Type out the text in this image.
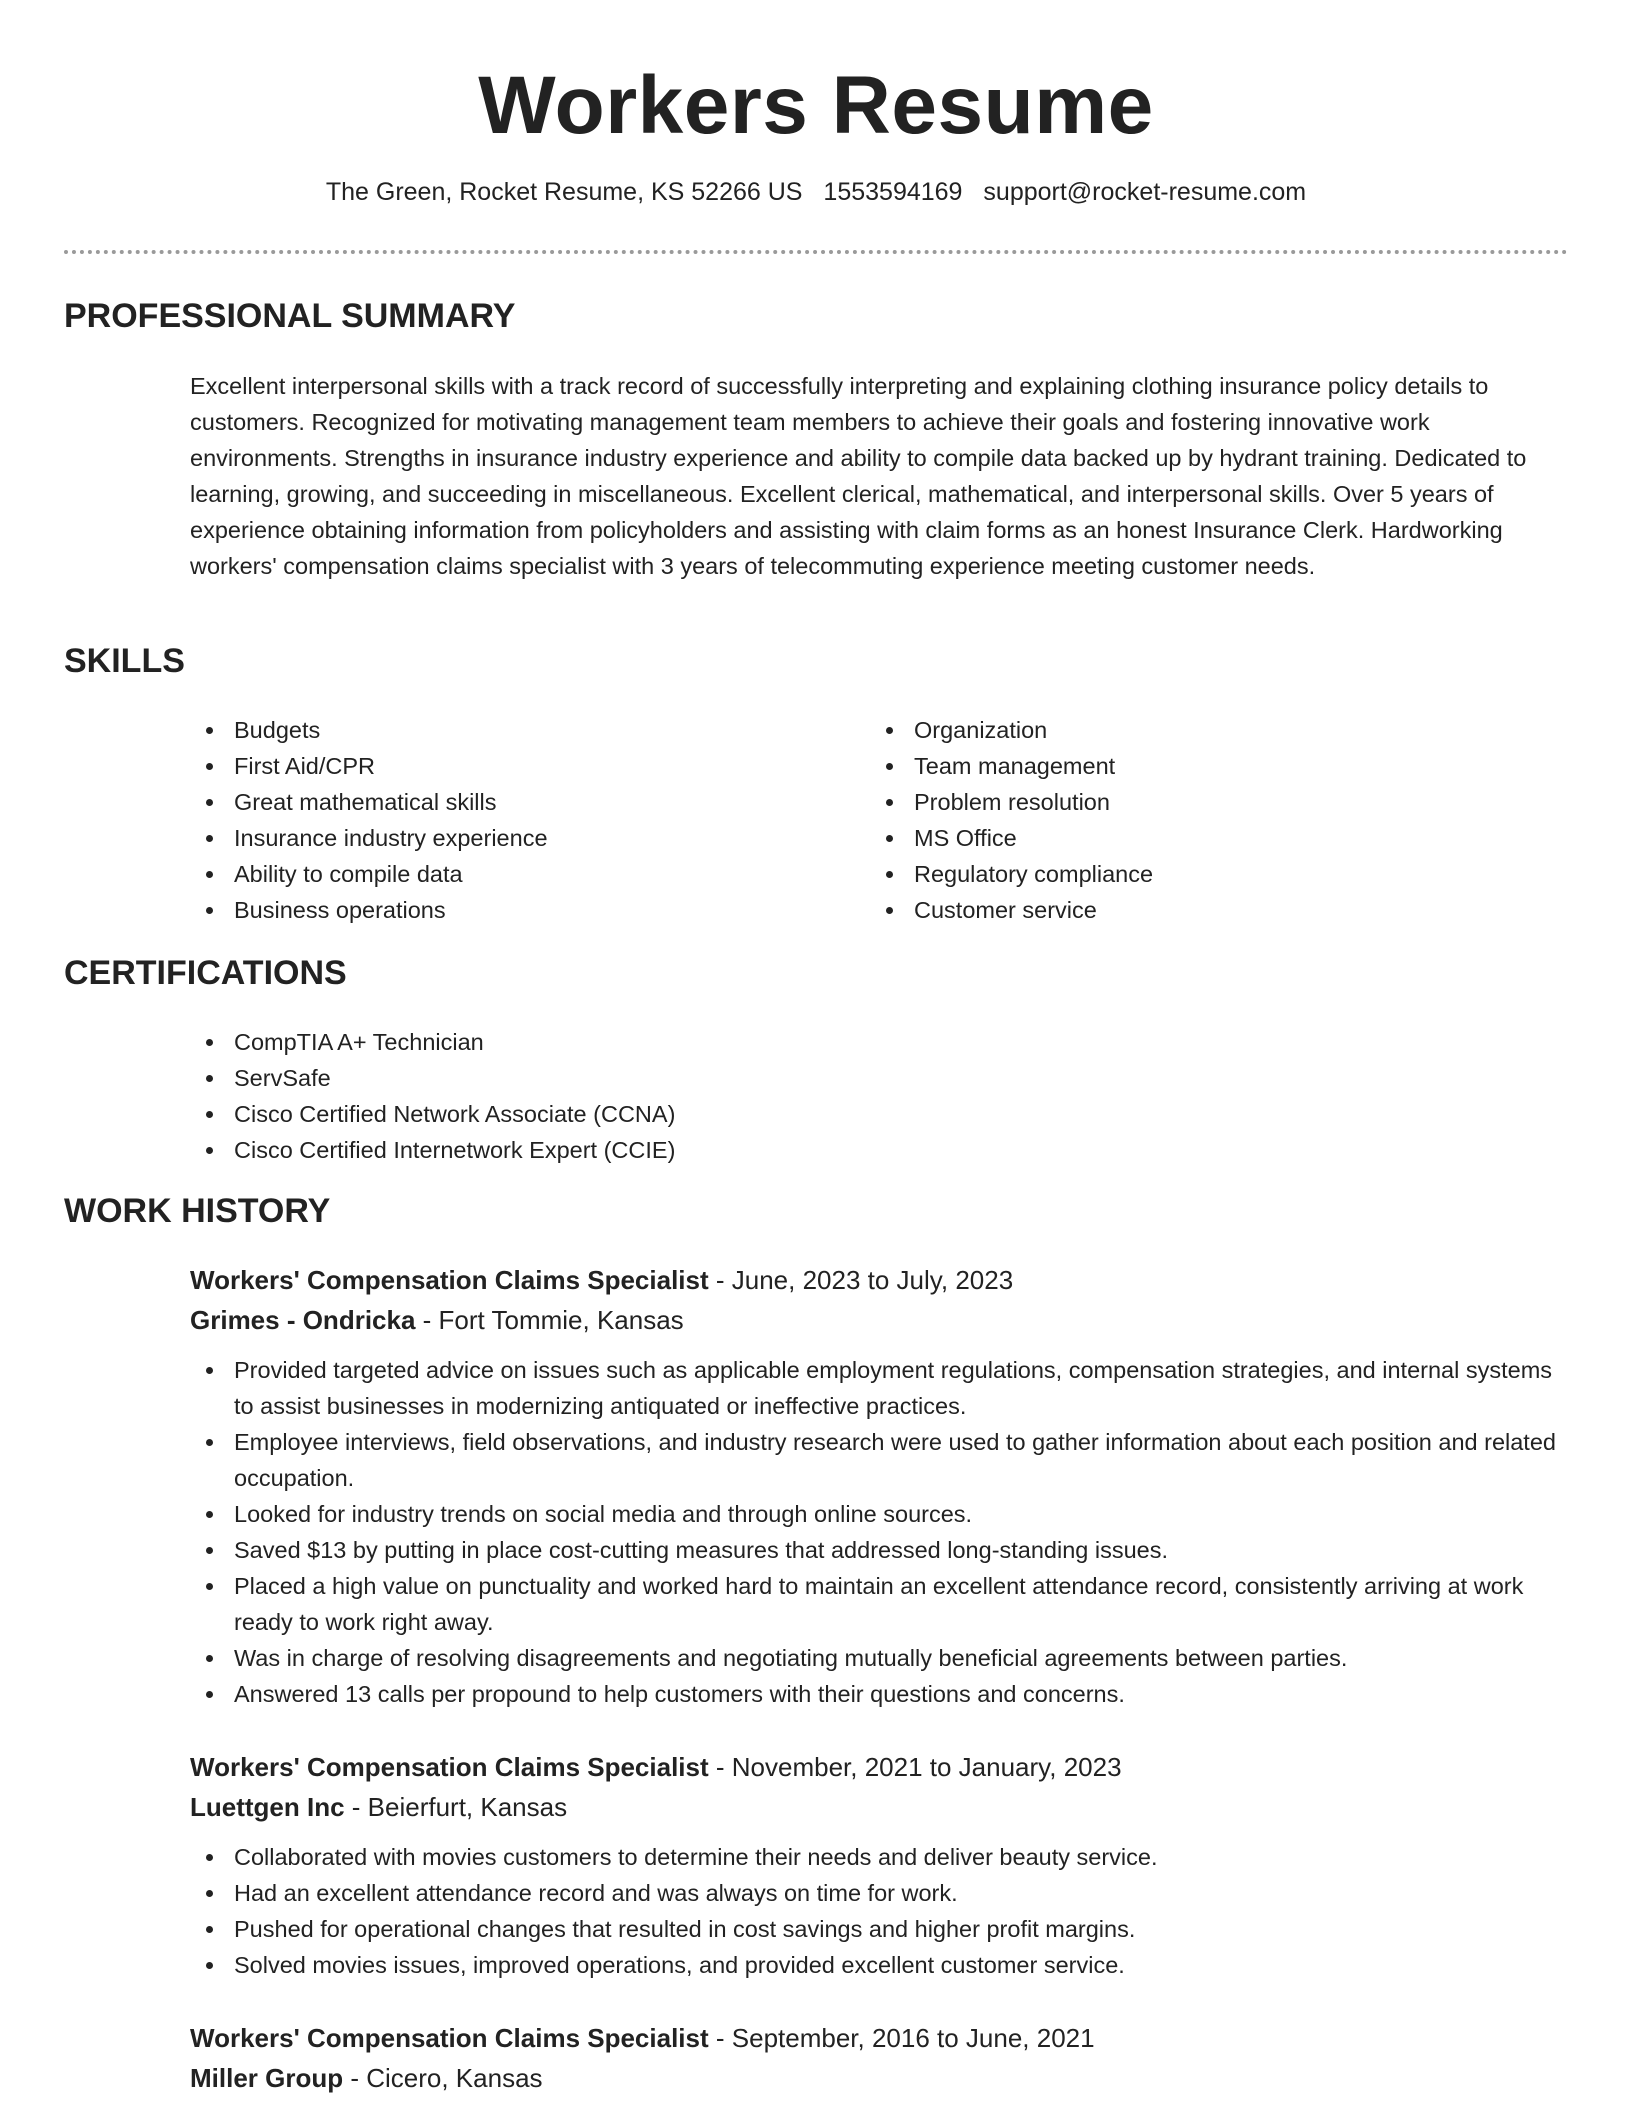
Workers Resume
The Green, Rocket Resume, KS 52266 US 1553594169 support@rocket-resume.com
PROFESSIONAL SUMMARY

Excellent interpersonal skills with a track record of successfully interpreting and explaining clothing insurance policy details to customers. Recognized for motivating management team members to achieve their goals and fostering innovative work environments. Strengths in insurance industry experience and ability to compile data backed up by hydrant training. Dedicated to learning, growing, and succeeding in miscellaneous. Excellent clerical, mathematical, and interpersonal skills. Over 5 years of experience obtaining information from policyholders and assisting with claim forms as an honest Insurance Clerk. Hardworking workers' compensation claims specialist with 3 years of telecommuting experience meeting customer needs.

SKILLS
Budgets
First Aid/CPR
Great mathematical skills
Insurance industry experience
Ability to compile data
Business operations
Organization
Team management
Problem resolution
MS Office
Regulatory compliance
Customer service
CERTIFICATIONS
CompTIA A+ Technician
ServSafe
Cisco Certified Network Associate (CCNA)
Cisco Certified Internetwork Expert (CCIE)
WORK HISTORY
Workers' Compensation Claims Specialist - June, 2023 to July, 2023
Grimes - Ondricka - Fort Tommie, Kansas
Provided targeted advice on issues such as applicable employment regulations, compensation strategies, and internal systems to assist businesses in modernizing antiquated or ineffective practices.
Employee interviews, field observations, and industry research were used to gather information about each position and related occupation.
Looked for industry trends on social media and through online sources.
Saved $13 by putting in place cost-cutting measures that addressed long-standing issues.
Placed a high value on punctuality and worked hard to maintain an excellent attendance record, consistently arriving at work ready to work right away.
Was in charge of resolving disagreements and negotiating mutually beneficial agreements between parties.
Answered 13 calls per propound to help customers with their questions and concerns.
Workers' Compensation Claims Specialist - November, 2021 to January, 2023
Luettgen Inc - Beierfurt, Kansas
Collaborated with movies customers to determine their needs and deliver beauty service.
Had an excellent attendance record and was always on time for work.
Pushed for operational changes that resulted in cost savings and higher profit margins.
Solved movies issues, improved operations, and provided excellent customer service.
Workers' Compensation Claims Specialist - September, 2016 to June, 2021
Miller Group - Cicero, Kansas
